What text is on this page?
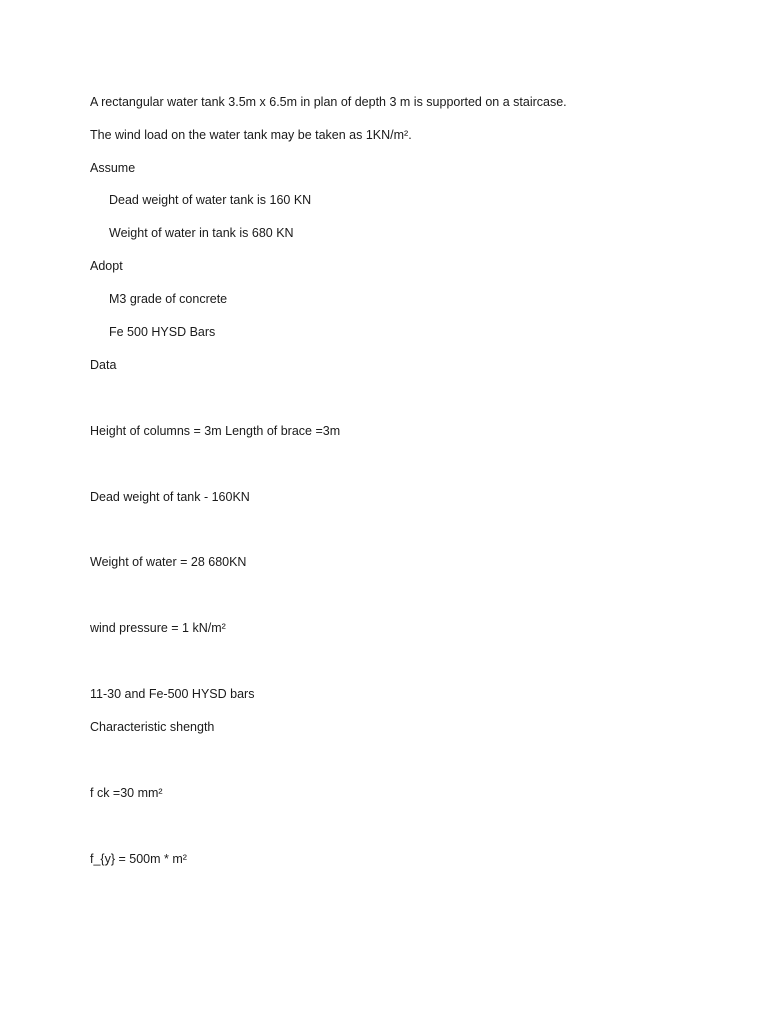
A rectangular water tank 3.5m x 6.5m in plan of depth 3 m is supported on a staircase.
The wind load on the water tank may be taken as 1KN/m².
Assume
Dead weight of water tank is 160 KN
Weight of water in tank is 680 KN
Adopt
M3 grade of concrete
Fe 500 HYSD Bars
Data
Height of columns = 3m Length of brace =3m
Dead weight of tank - 160KN
Weight of water = 28 680KN
wind pressure = 1 kN/m²
11-30 and Fe-500 HYSD bars
Characteristic shength
f ck =30 mm²
f_{y} = 500m * m²
